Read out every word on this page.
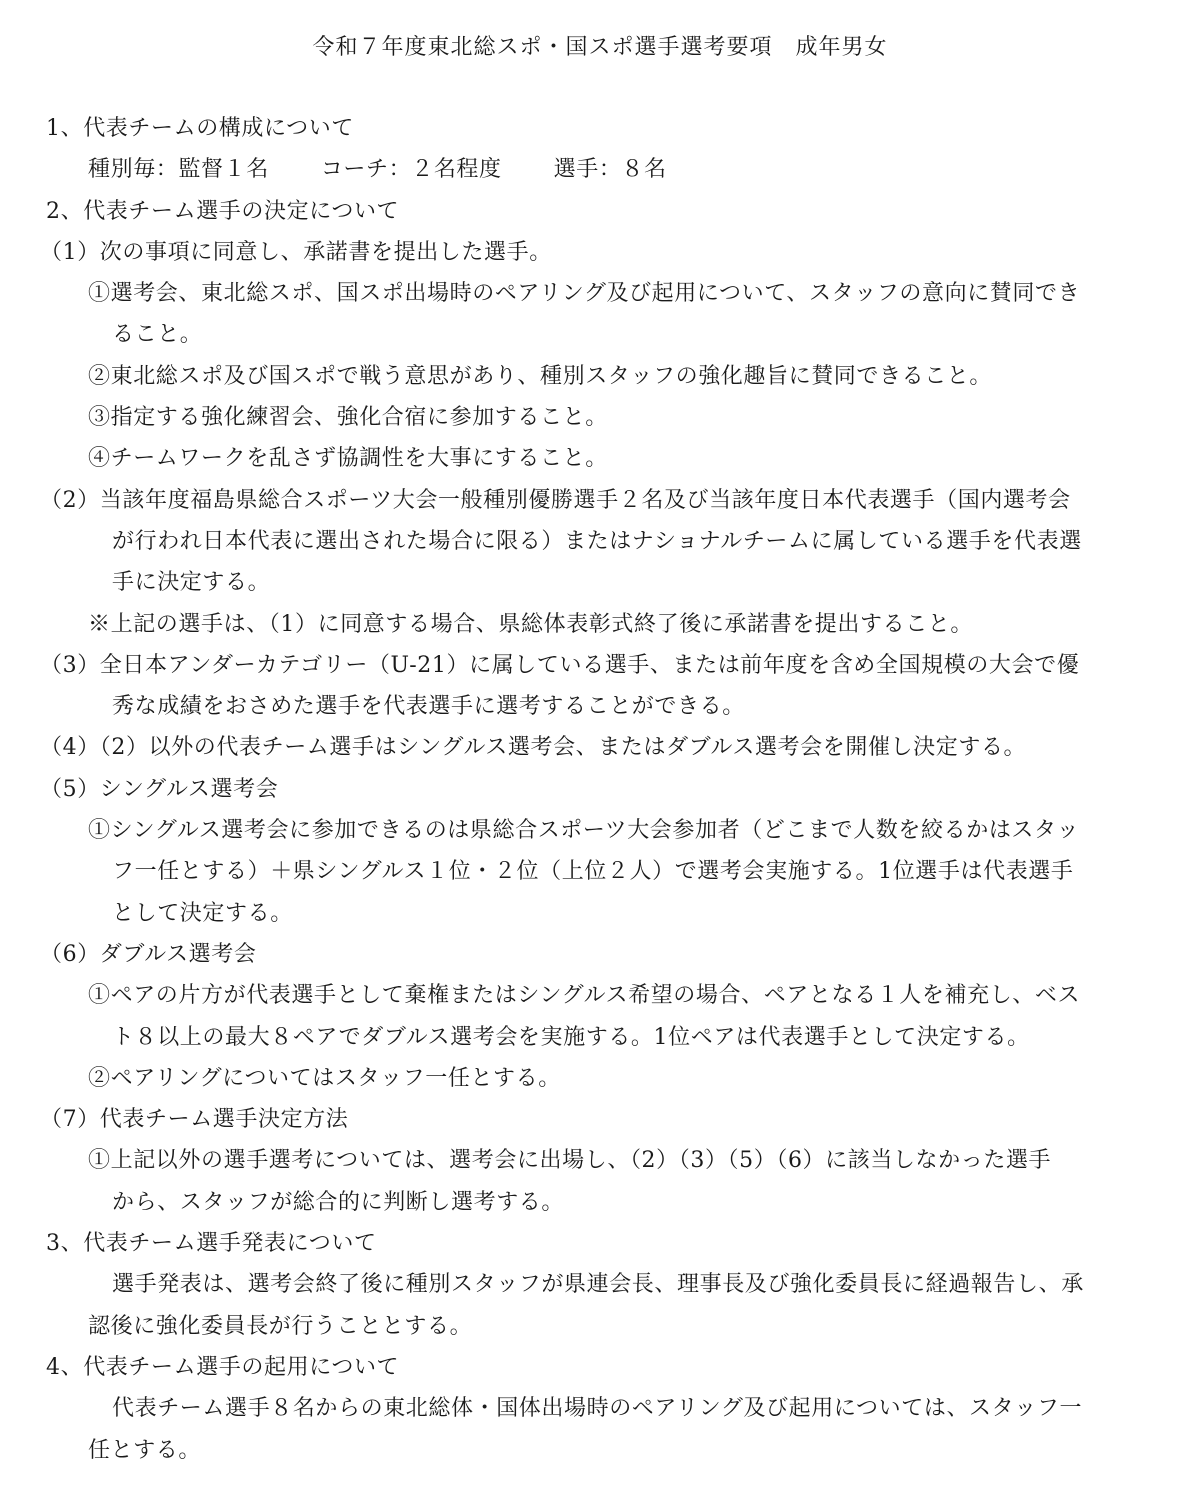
令和７年度東北総スポ・国スポ選手選考要項　成年男女
1、代表チームの構成について
種別毎：監督１名 コーチ：２名程度 選手：８名
2、代表チーム選手の決定について
（1）次の事項に同意し、承諾書を提出した選手。
①選考会、東北総スポ、国スポ出場時のペアリング及び起用について、スタッフの意向に賛同でき
ること。
②東北総スポ及び国スポで戦う意思があり、種別スタッフの強化趣旨に賛同できること。
③指定する強化練習会、強化合宿に参加すること。
④チームワークを乱さず協調性を大事にすること。
（2）当該年度福島県総合スポーツ大会一般種別優勝選手２名及び当該年度日本代表選手（国内選考会
が行われ日本代表に選出された場合に限る）またはナショナルチームに属している選手を代表選
手に決定する。
※上記の選手は、（1）に同意する場合、県総体表彰式終了後に承諾書を提出すること。
（3）全日本アンダーカテゴリー（U-21）に属している選手、または前年度を含め全国規模の大会で優
秀な成績をおさめた選手を代表選手に選考することができる。
（4）（2）以外の代表チーム選手はシングルス選考会、またはダブルス選考会を開催し決定する。
（5）シングルス選考会
①シングルス選考会に参加できるのは県総合スポーツ大会参加者（どこまで人数を絞るかはスタッ
フ一任とする）＋県シングルス１位・２位（上位２人）で選考会実施する。1位選手は代表選手
として決定する。
（6）ダブルス選考会
①ペアの片方が代表選手として棄権またはシングルス希望の場合、ペアとなる１人を補充し、ベス
ト８以上の最大８ペアでダブルス選考会を実施する。1位ペアは代表選手として決定する。
②ペアリングについてはスタッフ一任とする。
（7）代表チーム選手決定方法
①上記以外の選手選考については、選考会に出場し、（2）（3）（5）（6）に該当しなかった選手
から、スタッフが総合的に判断し選考する。
3、代表チーム選手発表について
選手発表は、選考会終了後に種別スタッフが県連会長、理事長及び強化委員長に経過報告し、承
認後に強化委員長が行うこととする。
4、代表チーム選手の起用について
代表チーム選手８名からの東北総体・国体出場時のペアリング及び起用については、スタッフ一
任とする。
